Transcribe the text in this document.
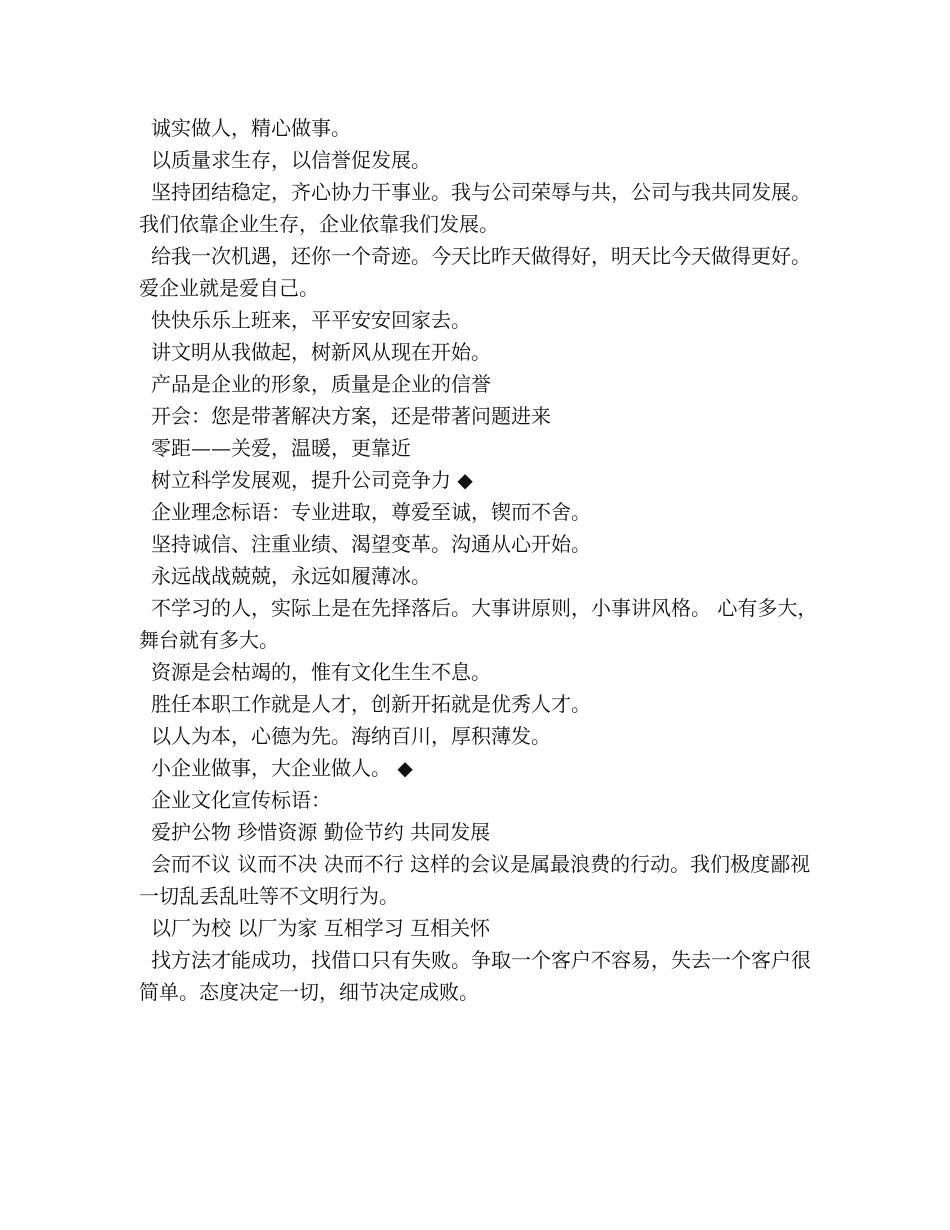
诚实做人，精心做事。

以质量求生存，以信誉促发展。

坚持团结稳定，齐心协力干事业。我与公司荣辱与共，公司与我共同发展。我们依靠企业生存，企业依靠我们发展。

给我一次机遇，还你一个奇迹。今天比昨天做得好，明天比今天做得更好。爱企业就是爱自己。

快快乐乐上班来，平平安安回家去。

讲文明从我做起，树新风从现在开始。

产品是企业的形象，质量是企业的信誉

开会：您是带著解决方案，还是带著问题进来

零距——关爱，温暖，更靠近

树立科学发展观，提升公司竞争力 ◆

企业理念标语：专业进取，尊爱至诚，锲而不舍。

坚持诚信、注重业绩、渴望变革。沟通从心开始。

永远战战兢兢，永远如履薄冰。

不学习的人，实际上是在先择落后。大事讲原则，小事讲风格。 心有多大，舞台就有多大。

资源是会枯竭的，惟有文化生生不息。

胜任本职工作就是人才，创新开拓就是优秀人才。

以人为本，心德为先。海纳百川，厚积薄发。

小企业做事，大企业做人。 ◆

企业文化宣传标语：

爱护公物 珍惜资源 勤俭节约 共同发展

会而不议 议而不决 决而不行 这样的会议是属最浪费的行动。我们极度鄙视一切乱丢乱吐等不文明行为。

以厂为校 以厂为家 互相学习 互相关怀

找方法才能成功，找借口只有失败。争取一个客户不容易，失去一个客户很简单。态度决定一切，细节决定成败。
